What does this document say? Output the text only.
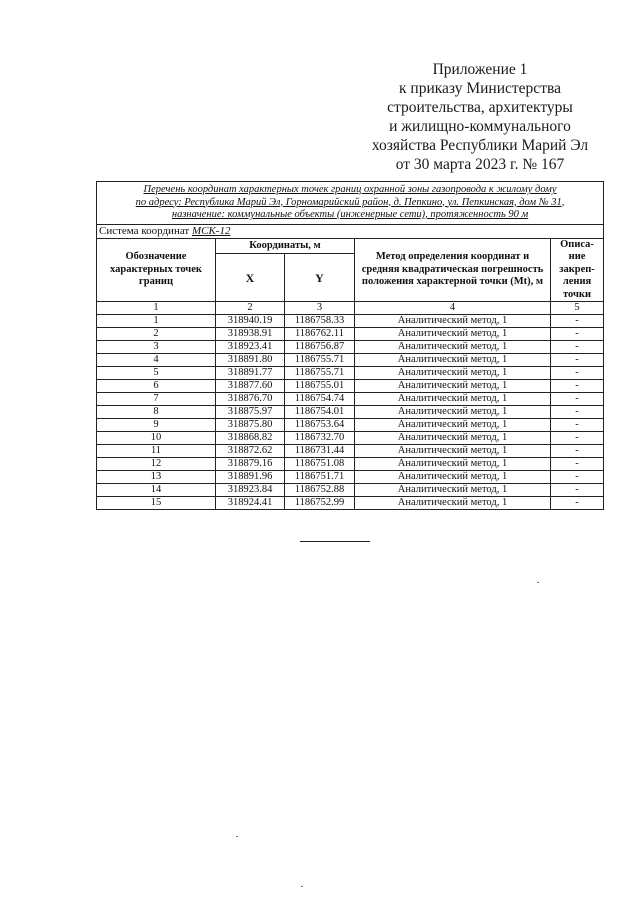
Приложение 1
к приказу Министерства
строительства, архитектуры
и жилищно-коммунального
хозяйства Республики Марий Эл
от 30 марта 2023 г. № 167
Перечень координат характерных точек границ охранной зоны газопровода к жилому дому
по адресу: Республика Марий Эл, Горномарийский район, д. Пепкино, ул. Пепкинская, дом № 31,
назначение: коммунальные объекты (инженерные сети), протяженность 90 м				

Система координат МСК-12				
Обозначение характерных точек границ	Координаты, м		Метод определения координат и средняя квадратическая погрешность положения характерной точки (Mt), м	Описа- ние закреп- ления точки
	X	Y		
1	2	3	4	5
1	318940.19	1186758.33	Аналитический метод, 1	-
2	318938.91	1186762.11	Аналитический метод, 1	-
3	318923.41	1186756.87	Аналитический метод, 1	-
4	318891.80	1186755.71	Аналитический метод, 1	-
5	318891.77	1186755.71	Аналитический метод, 1	-
6	318877.60	1186755.01	Аналитический метод, 1	-
7	318876.70	1186754.74	Аналитический метод, 1	-
8	318875.97	1186754.01	Аналитический метод, 1	-
9	318875.80	1186753.64	Аналитический метод, 1	-
10	318868.82	1186732.70	Аналитический метод, 1	-
11	318872.62	1186731.44	Аналитический метод, 1	-
12	318879.16	1186751.08	Аналитический метод, 1	-
13	318891.96	1186751.71	Аналитический метод, 1	-
14	318923.84	1186752.88	Аналитический метод, 1	-
15	318924.41	1186752.99	Аналитический метод, 1	-
